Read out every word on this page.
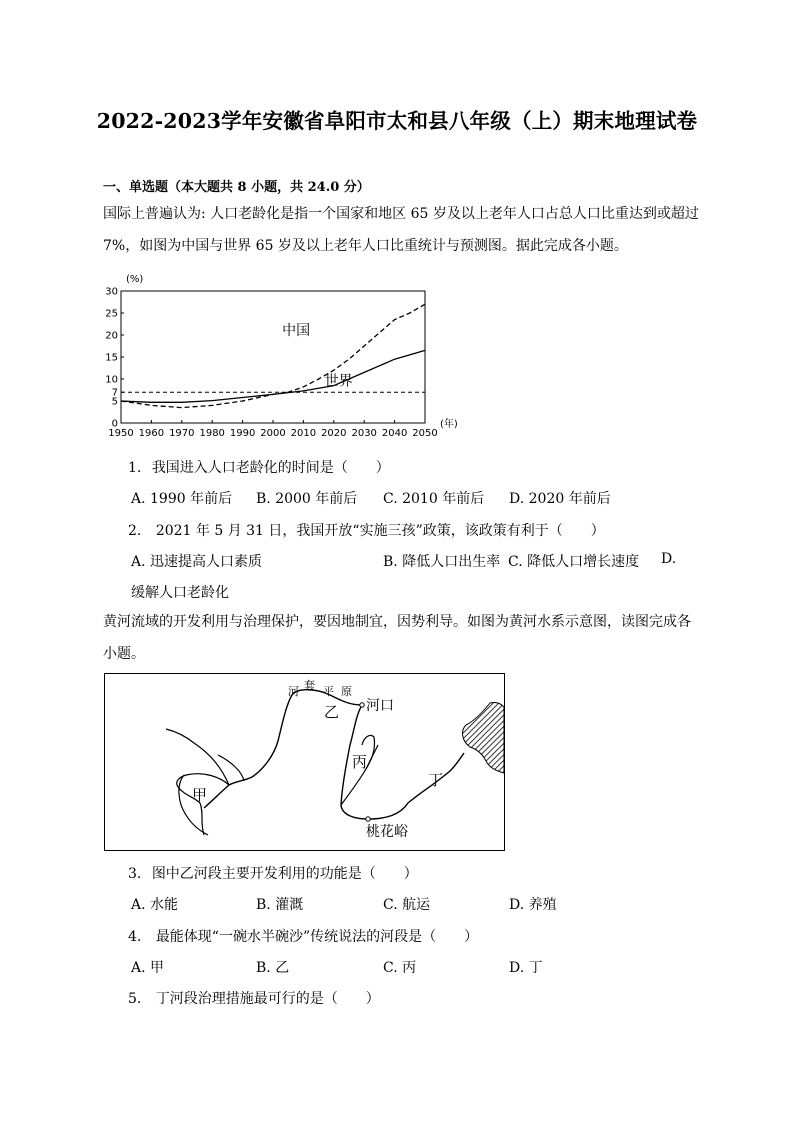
2022-2023学年安徽省阜阳市太和县八年级（上）期末地理试卷
一、单选题（本大题共 8 小题，共 24.0 分）
国际上普遍认为: 人口老龄化是指一个国家和地区 65 岁及以上老年人口占总人口比重达到或超过
7%，如图为中国与世界 65 岁及以上老年人口比重统计与预测图。据此完成各小题。
0
5
7
10
15
20
25
30
1950 1960 1970 1980 1990 2000 2010 2020 2030 2040 2050
(%)
(年)
中国
世界
1. 我国进入人口老龄化的时间是（　　）
A. 1990 年前后 B. 2000 年前后 C. 2010 年前后 D. 2020 年前后
2. 2021 年 5 月 31 日，我国开放“实施三孩”政策，该政策有利于（　　）
A. 迅速提高人口素质	B. 降低人口出生率 C. 降低人口增长速度 D.
缓解人口老龄化
黄河流域的开发利用与治理保护，要因地制宜，因势利导。如图为黄河水系示意图，读图完成各
小题。
河 套 平 原
乙 河口
丙
丁
甲
桃花峪
3. 图中乙河段主要开发利用的功能是（　　）
A. 水能	B. 灌溉	C. 航运	D. 养殖
4. 最能体现“一碗水半碗沙”传统说法的河段是（　　）
A. 甲	B. 乙	C. 丙	D. 丁
5. 丁河段治理措施最可行的是（　　）
